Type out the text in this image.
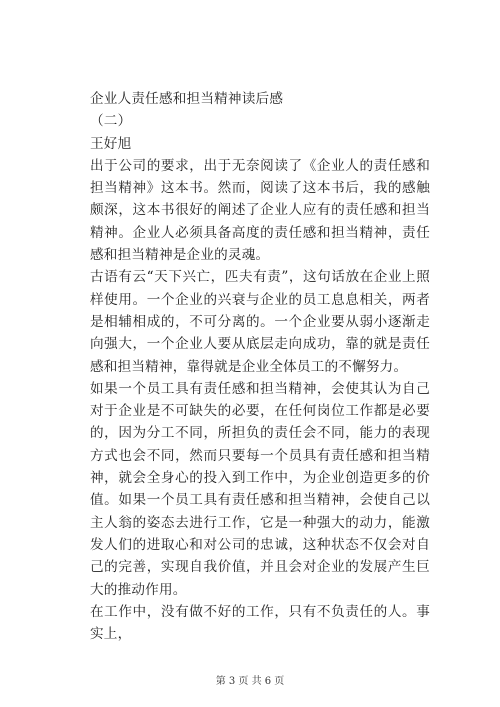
企业人责任感和担当精神读后感

（二）

王好旭

出于公司的要求，出于无奈阅读了《企业人的责任感和担当精神》这本书。然而，阅读了这本书后，我的感触颇深，这本书很好的阐述了企业人应有的责任感和担当精神。企业人必须具备高度的责任感和担当精神，责任感和担当精神是企业的灵魂。

古语有云“天下兴亡，匹夫有责”，这句话放在企业上照样使用。一个企业的兴衰与企业的员工息息相关，两者是相辅相成的，不可分离的。一个企业要从弱小逐渐走向强大，一个企业人要从底层走向成功，靠的就是责任感和担当精神，靠得就是企业全体员工的不懈努力。

如果一个员工具有责任感和担当精神，会使其认为自己对于企业是不可缺失的必要，在任何岗位工作都是必要的，因为分工不同，所担负的责任会不同，能力的表现方式也会不同，然而只要每一个员具有责任感和担当精神，就会全身心的投入到工作中，为企业创造更多的价值。如果一个员工具有责任感和担当精神，会使自己以主人翁的姿态去进行工作，它是一种强大的动力，能激发人们的进取心和对公司的忠诚，这种状态不仅会对自己的完善，实现自我价值，并且会对企业的发展产生巨大的推动作用。

在工作中，没有做不好的工作，只有不负责任的人。事实上，

第 3 页 共 6 页
